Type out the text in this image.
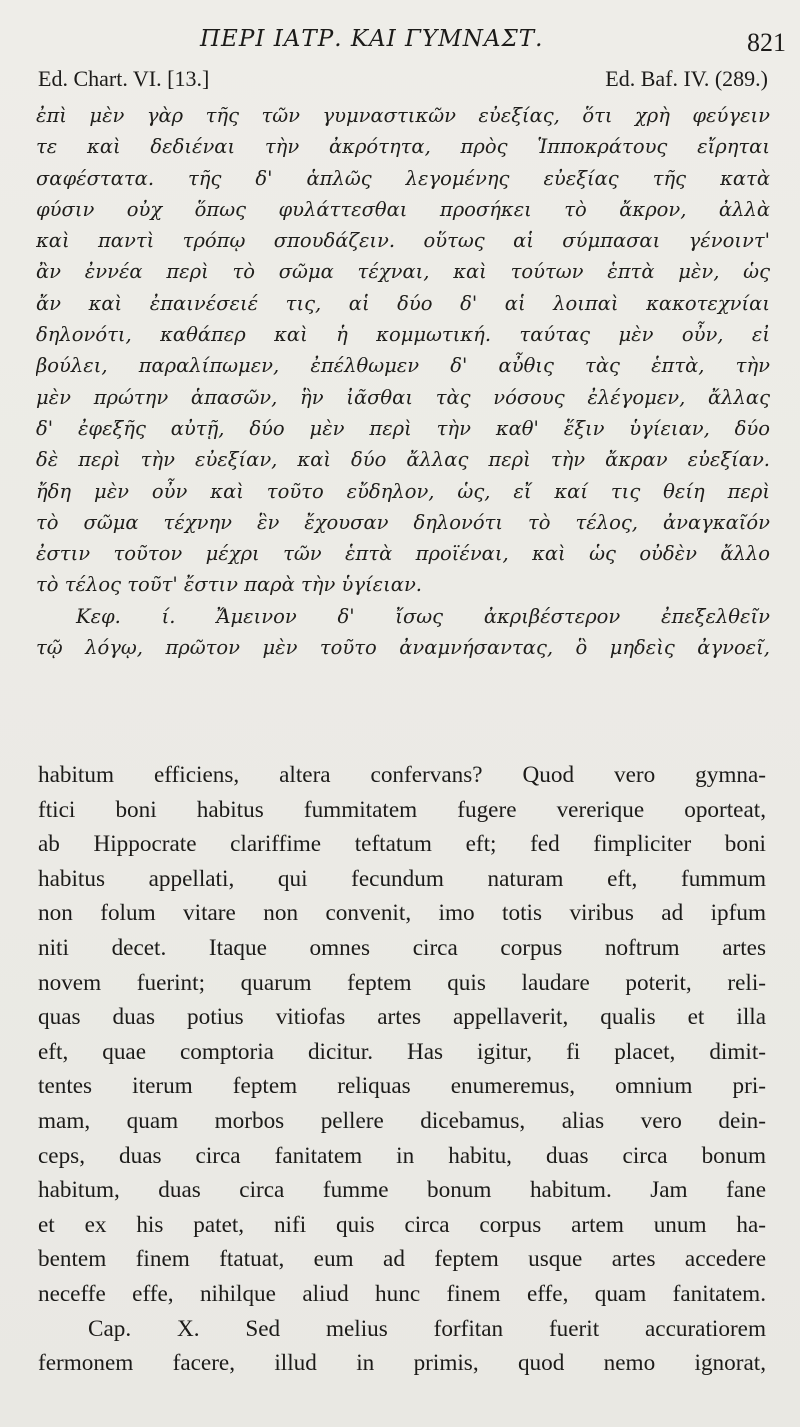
ΠΕΡΙ ΙΑΤΡ. ΚΑΙ ΓΥΜΝΑΣΤ.	821
Ed. Chart. VI. [13.]	Ed. Baf. IV. (289.)
ἐπὶ μὲν γὰρ τῆς τῶν γυμναστικῶν εὐεξίας, ὅτι χρὴ φεύγειν
τε καὶ δεδιέναι τὴν ἀκρότητα, πρὸς Ἱπποκράτους εἴρηται
σαφέστατα. τῆς δ' ἁπλῶς λεγομένης εὐεξίας τῆς κατὰ
φύσιν οὐχ ὅπως φυλάττεσθαι προσήκει τὸ ἄκρον, ἀλλὰ
καὶ παντὶ τρόπῳ σπουδάζειν. οὕτως αἱ σύμπασαι γένοιντ'
ἂν ἐννέα περὶ τὸ σῶμα τέχναι, καὶ τούτων ἑπτὰ μὲν, ὡς
ἄν καὶ ἐπαινέσειέ τις, αἱ δύο δ' αἱ λοιπαὶ κακοτεχνίαι
δηλονότι, καθάπερ καὶ ἡ κομμωτική. ταύτας μὲν οὖν, εἰ
βούλει, παραλίπωμεν, ἐπέλθωμεν δ' αὖθις τὰς ἑπτὰ, τὴν
μὲν πρώτην ἁπασῶν, ἣν ἰᾶσθαι τὰς νόσους ἐλέγομεν, ἄλλας
δ' ἐφεξῆς αὐτῇ, δύο μὲν περὶ τὴν καθ' ἕξιν ὑγίειαν, δύο
δὲ περὶ τὴν εὐεξίαν, καὶ δύο ἄλλας περὶ τὴν ἄκραν εὐεξίαν.
ἤδη μὲν οὖν καὶ τοῦτο εὔδηλον, ὡς, εἴ καί τις θείη περὶ
τὸ σῶμα τέχνην ἓν ἔχουσαν δηλονότι τὸ τέλος, ἀναγκαῖόν
ἐστιν τοῦτον μέχρι τῶν ἑπτὰ προϊέναι, καὶ ὡς οὐδὲν ἄλλο
τὸ τέλος τοῦτ' ἔστιν παρὰ τὴν ὑγίειαν.
Κεφ. ί. Ἄμεινον δ' ἴσως ἀκριβέστερον ἐπεξελθεῖν
τῷ λόγῳ, πρῶτον μὲν τοῦτο ἀναμνήσαντας, ὃ μηδεὶς ἀγνοεῖ,
habitum efficiens, altera confervans? Quod vero gymna-
ftici boni habitus fummitatem fugere vererique oporteat,
ab Hippocrate clariffime teftatum eft; fed fimpliciter boni
habitus appellati, qui fecundum naturam eft, fummum
non folum vitare non convenit, imo totis viribus ad ipfum
niti decet. Itaque omnes circa corpus noftrum artes
novem fuerint; quarum feptem quis laudare poterit, reli-
quas duas potius vitiofas artes appellaverit, qualis et illa
eft, quae comptoria dicitur. Has igitur, fi placet, dimit-
tentes iterum feptem reliquas enumeremus, omnium pri-
mam, quam morbos pellere dicebamus, alias vero dein-
ceps, duas circa fanitatem in habitu, duas circa bonum
habitum, duas circa fumme bonum habitum. Jam fane
et ex his patet, nifi quis circa corpus artem unum ha-
bentem finem ftatuat, eum ad feptem usque artes accedere
neceffe effe, nihilque aliud hunc finem effe, quam fanitatem.
Cap. X. Sed melius forfitan fuerit accuratiorem
fermonem facere, illud in primis, quod nemo ignorat,
